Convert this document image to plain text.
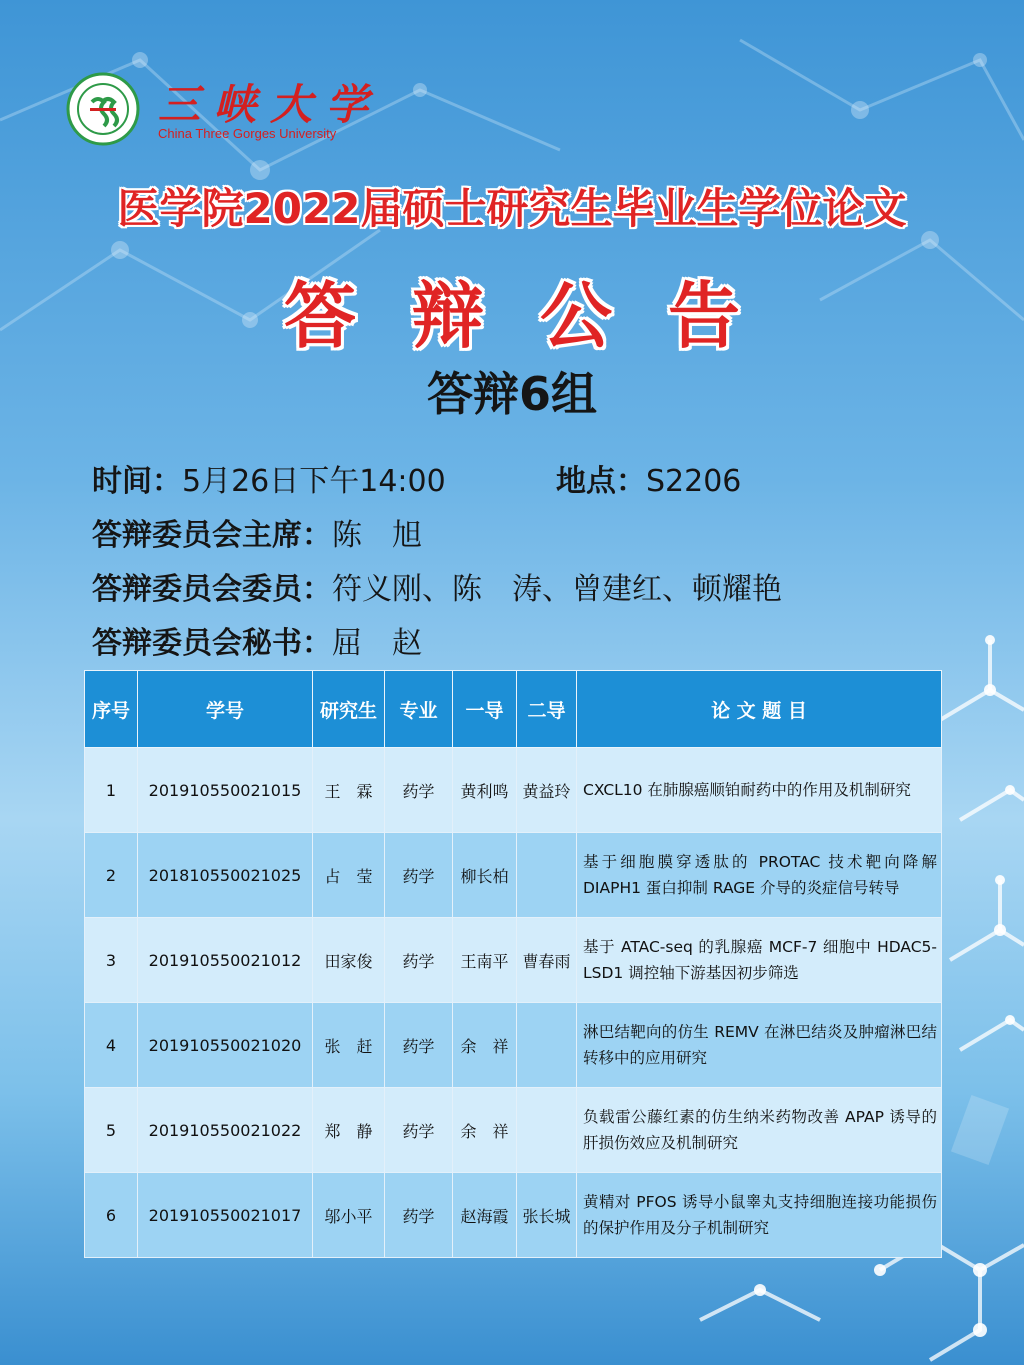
三峡大学
China Three Gorges University
医学院2022届硕士研究生毕业生学位论文
答辩公告
答辩6组
时间：5月26日下午14:00	地点：S2206
答辩委员会主席：陈　旭
答辩委员会委员：符义刚、陈　涛、曾建红、顿耀艳
答辩委员会秘书：屈　赵
序号	学号	研究生	专业	一导	二导	论 文 题 目
1	201910550021015	王　霖	药学	黄利鸣	黄益玲	CXCL10 在肺腺癌顺铂耐药中的作用及机制研究
2	201810550021025	占　莹	药学	柳长柏		基于细胞膜穿透肽的 PROTAC 技术靶向降解 DIAPH1 蛋白抑制 RAGE 介导的炎症信号转导
3	201910550021012	田家俊	药学	王南平	曹春雨	基于 ATAC-seq 的乳腺癌 MCF-7 细胞中 HDAC5-LSD1 调控轴下游基因初步筛选
4	201910550021020	张　赶	药学	余　祥		淋巴结靶向的仿生 REMV 在淋巴结炎及肿瘤淋巴结转移中的应用研究
5	201910550021022	郑　静	药学	余　祥		负载雷公藤红素的仿生纳米药物改善 APAP 诱导的肝损伤效应及机制研究
6	201910550021017	邬小平	药学	赵海霞	张长城	黄精对 PFOS 诱导小鼠睾丸支持细胞连接功能损伤的保护作用及分子机制研究
